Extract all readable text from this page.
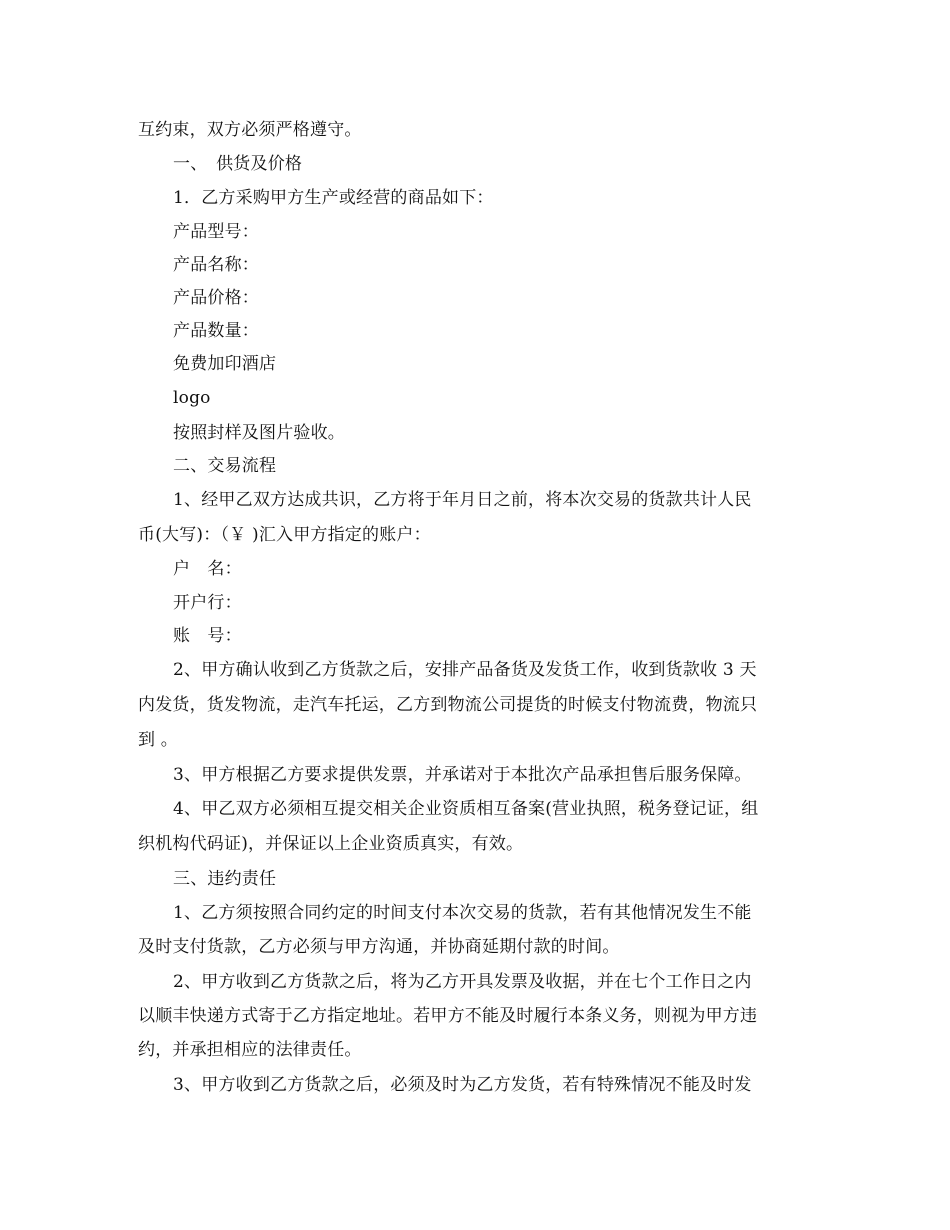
互约束，双方必须严格遵守。
一、　供货及价格
1．乙方采购甲方生产或经营的商品如下：
产品型号：
产品名称：
产品价格：
产品数量：
免费加印酒店
logo
按照封样及图片验收。
二、交易流程
1、经甲乙双方达成共识，乙方将于年月日之前，将本次交易的货款共计人民
币(大写)：（￥ )汇入甲方指定的账户：
户　名：
开户行：
账　号：
2、甲方确认收到乙方货款之后，安排产品备货及发货工作，收到货款收 3 天
内发货，货发物流，走汽车托运，乙方到物流公司提货的时候支付物流费，物流只
到 。
3、甲方根据乙方要求提供发票，并承诺对于本批次产品承担售后服务保障。
4、甲乙双方必须相互提交相关企业资质相互备案(营业执照，税务登记证，组
织机构代码证)，并保证以上企业资质真实，有效。
三、违约责任
1、乙方须按照合同约定的时间支付本次交易的货款，若有其他情况发生不能
及时支付货款，乙方必须与甲方沟通，并协商延期付款的时间。
2、甲方收到乙方货款之后，将为乙方开具发票及收据，并在七个工作日之内
以顺丰快递方式寄于乙方指定地址。若甲方不能及时履行本条义务，则视为甲方违
约，并承担相应的法律责任。
3、甲方收到乙方货款之后，必须及时为乙方发货，若有特殊情况不能及时发
